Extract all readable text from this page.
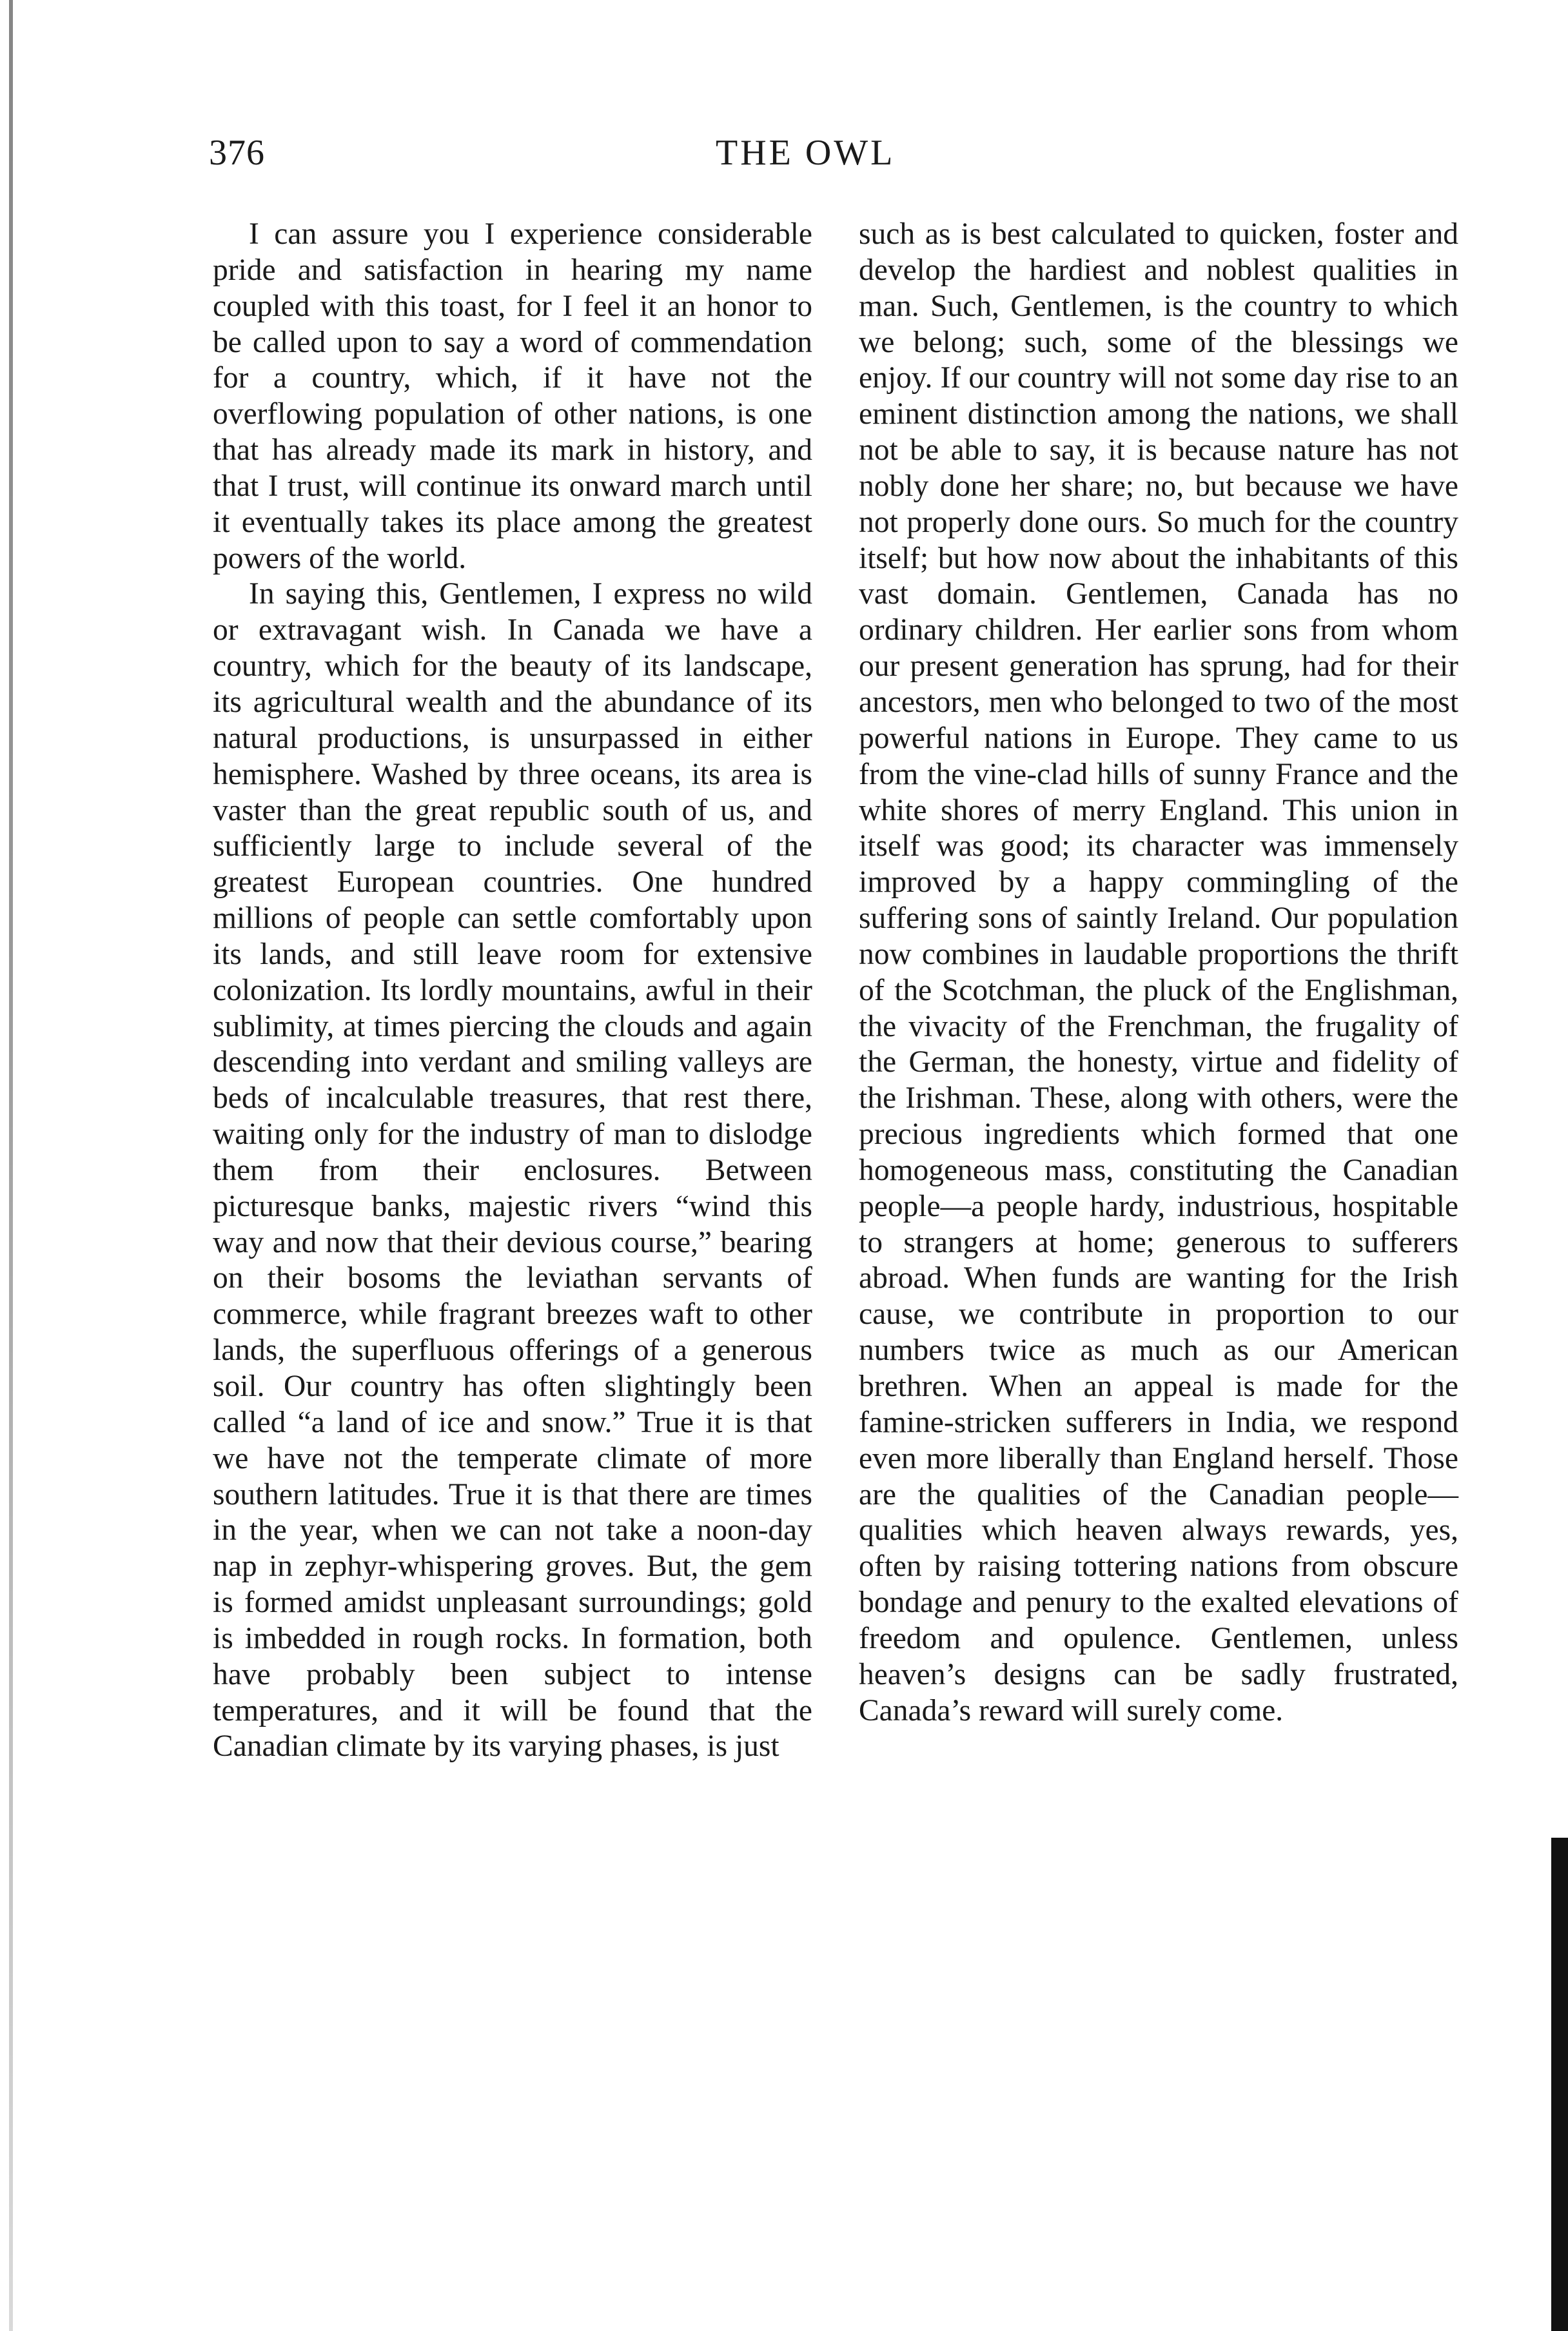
376	THE OWL

I can assure you I experience considerable pride and satisfaction in hearing my name coupled with this toast, for I feel it an honor to be called upon to say a word of commendation for a country, which, if it have not the overflowing population of other nations, is one that has already made its mark in history, and that I trust, will continue its onward march until it eventually takes its place among the greatest powers of the world.

In saying this, Gentlemen, I express no wild or extravagant wish. In Canada we have a country, which for the beauty of its landscape, its agricultural wealth and the abundance of its natural productions, is unsurpassed in either hemisphere. Washed by three oceans, its area is vaster than the great republic south of us, and sufficiently large to include several of the greatest European countries. One hundred millions of people can settle comfortably upon its lands, and still leave room for extensive colonization. Its lordly mountains, awful in their sublimity, at times piercing the clouds and again descending into verdant and smiling valleys are beds of incalculable treasures, that rest there, waiting only for the industry of man to dislodge them from their enclosures. Between picturesque banks, majestic rivers “wind this way and now that their devious course,” bearing on their bosoms the leviathan servants of commerce, while fragrant breezes waft to other lands, the superfluous offerings of a generous soil. Our country has often slightingly been called “a land of ice and snow.” True it is that we have not the temperate climate of more southern latitudes. True it is that there are times in the year, when we can not take a noon-day nap in zephyr-whispering groves. But, the gem is formed amidst unpleasant surroundings; gold is imbedded in rough rocks. In formation, both have probably been subject to intense temperatures, and it will be found that the Canadian climate by its varying phases, is just

such as is best calculated to quicken, foster and develop the hardiest and noblest qualities in man. Such, Gentlemen, is the country to which we belong; such, some of the blessings we enjoy. If our country will not some day rise to an eminent distinction among the nations, we shall not be able to say, it is because nature has not nobly done her share; no, but because we have not properly done ours. So much for the country itself; but how now about the inhabitants of this vast domain. Gentlemen, Canada has no ordinary children. Her earlier sons from whom our present generation has sprung, had for their ancestors, men who belonged to two of the most powerful nations in Europe. They came to us from the vine-clad hills of sunny France and the white shores of merry England. This union in itself was good; its character was immensely improved by a happy commingling of the suffering sons of saintly Ireland. Our population now combines in laudable proportions the thrift of the Scotchman, the pluck of the Englishman, the vivacity of the Frenchman, the frugality of the German, the honesty, virtue and fidelity of the Irishman. These, along with others, were the precious ingredients which formed that one homogeneous mass, constituting the Canadian people—a people hardy, industrious, hospitable to strangers at home; generous to sufferers abroad. When funds are wanting for the Irish cause, we contribute in proportion to our numbers twice as much as our American brethren. When an appeal is made for the famine-stricken sufferers in India, we respond even more liberally than England herself. Those are the qualities of the Canadian people—qualities which heaven always rewards, yes, often by raising tottering nations from obscure bondage and penury to the exalted elevations of freedom and opulence. Gentlemen, unless heaven’s designs can be sadly frustrated, Canada’s reward will surely come.
